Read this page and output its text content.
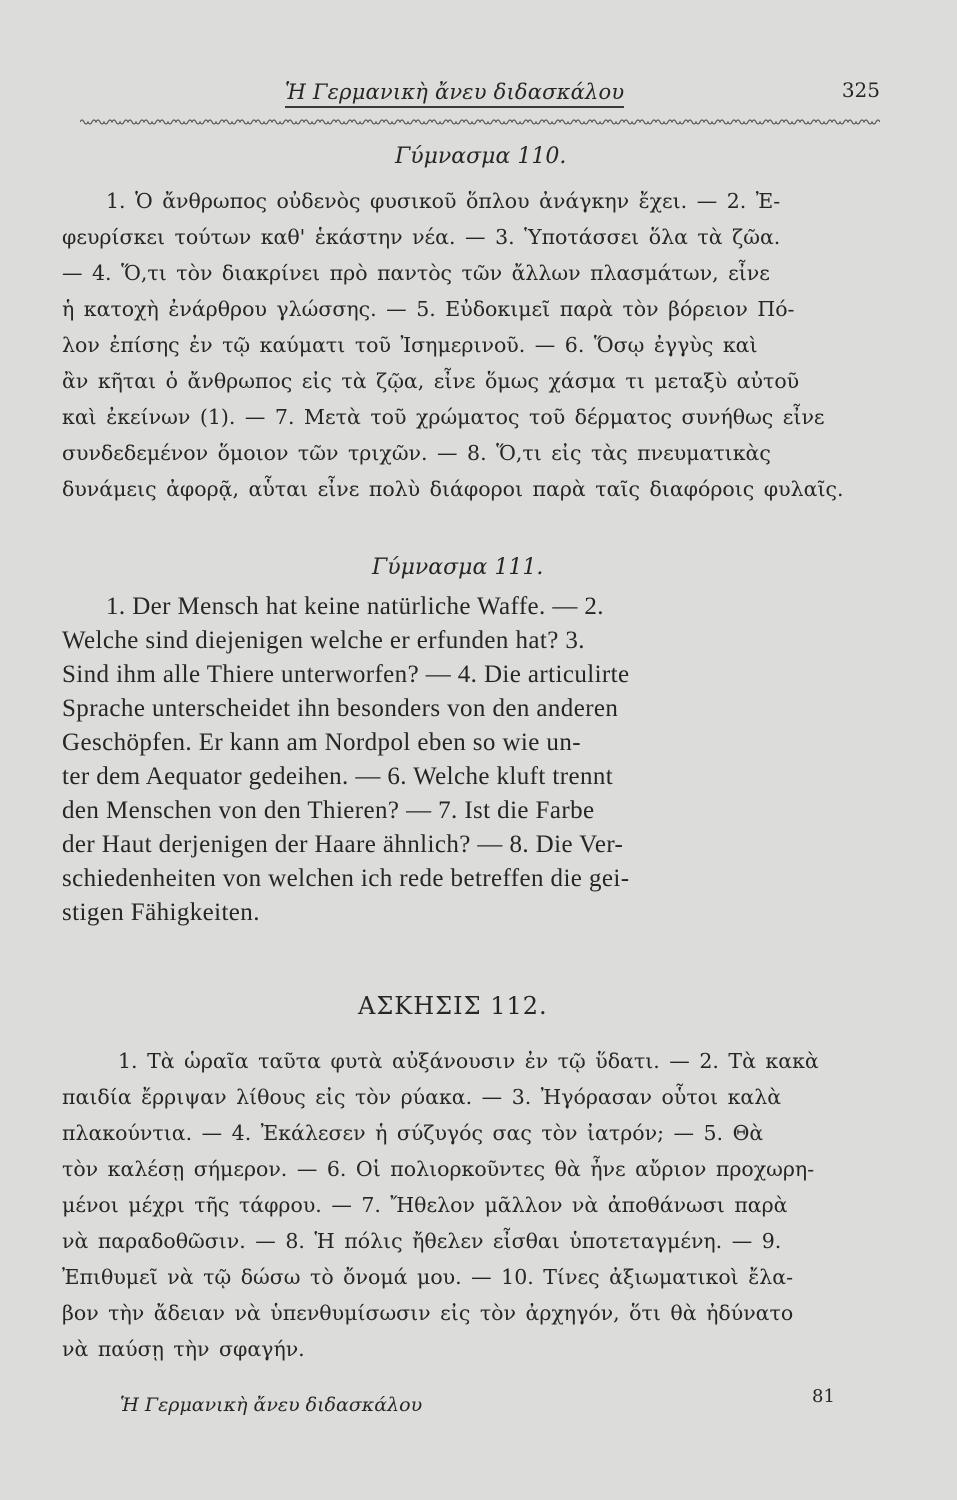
Ἡ Γερμανικὴ ἄνευ διδασκάλου	325
Γύμνασμα 110.
1. Ὁ ἄνθρωπος οὐδενὸς φυσικοῦ ὅπλου ἀνάγκην ἔχει. — 2. Ἐ-
φευρίσκει τούτων καθ' ἑκάστην νέα. — 3. Ὑποτάσσει ὅλα τὰ ζῶα.
— 4. Ὅ,τι τὸν διακρίνει πρὸ παντὸς τῶν ἄλλων πλασμάτων, εἶνε
ἡ κατοχὴ ἐνάρθρου γλώσσης. — 5. Εὐδοκιμεῖ παρὰ τὸν βόρειον Πό-
λον ἐπίσης ἐν τῷ καύματι τοῦ Ἰσημερινοῦ. — 6. Ὅσῳ ἐγγὺς καὶ
ἂν κῆται ὁ ἄνθρωπος εἰς τὰ ζῷα, εἶνε ὅμως χάσμα τι μεταξὺ αὐτοῦ
καὶ ἐκείνων (1). — 7. Μετὰ τοῦ χρώματος τοῦ δέρματος συνήθως εἶνε
συνδεδεμένον ὅμοιον τῶν τριχῶν. — 8. Ὅ,τι εἰς τὰς πνευματικὰς
δυνάμεις ἀφορᾷ, αὗται εἶνε πολὺ διάφοροι παρὰ ταῖς διαφόροις φυλαῖς.
Γύμνασμα 111.
1. Der Mensch hat keine natürliche Waffe. — 2.
Welche sind diejenigen welche er erfunden hat? 3.
Sind ihm alle Thiere unterworfen? — 4. Die articulirte
Sprache unterscheidet ihn besonders von den anderen
Geschöpfen. Er kann am Nordpol eben so wie un-
ter dem Aequator gedeihen. — 6. Welche kluft trennt
den Menschen von den Thieren? — 7. Ist die Farbe
der Haut derjenigen der Haare ähnlich? — 8. Die Ver-
schiedenheiten von welchen ich rede betreffen die gei-
stigen Fähigkeiten.
ΑΣΚΗΣΙΣ 112.
1. Τὰ ὡραῖα ταῦτα φυτὰ αὐξάνουσιν ἐν τῷ ὕδατι. — 2. Τὰ κακὰ
παιδία ἔρριψαν λίθους εἰς τὸν ρύακα. — 3. Ἠγόρασαν οὗτοι καλὰ
πλακούντια. — 4. Ἐκάλεσεν ἡ σύζυγός σας τὸν ἰατρόν; — 5. Θὰ
τὸν καλέσῃ σήμερον. — 6. Οἱ πολιορκοῦντες θὰ ἦνε αὔριον προχωρη-
μένοι μέχρι τῆς τάφρου. — 7. Ἤθελον μᾶλλον νὰ ἀποθάνωσι παρὰ
νὰ παραδοθῶσιν. — 8. Ἡ πόλις ἤθελεν εἶσθαι ὑποτεταγμένη. — 9.
Ἐπιθυμεῖ νὰ τῷ δώσω τὸ ὄνομά μου. — 10. Τίνες ἀξιωματικοὶ ἔλα-
βον τὴν ἄδειαν νὰ ὑπενθυμίσωσιν εἰς τὸν ἀρχηγόν, ὅτι θὰ ἠδύνατο
νὰ παύσῃ τὴν σφαγήν.
Ἡ Γερμανικὴ ἄνευ διδασκάλου	81
